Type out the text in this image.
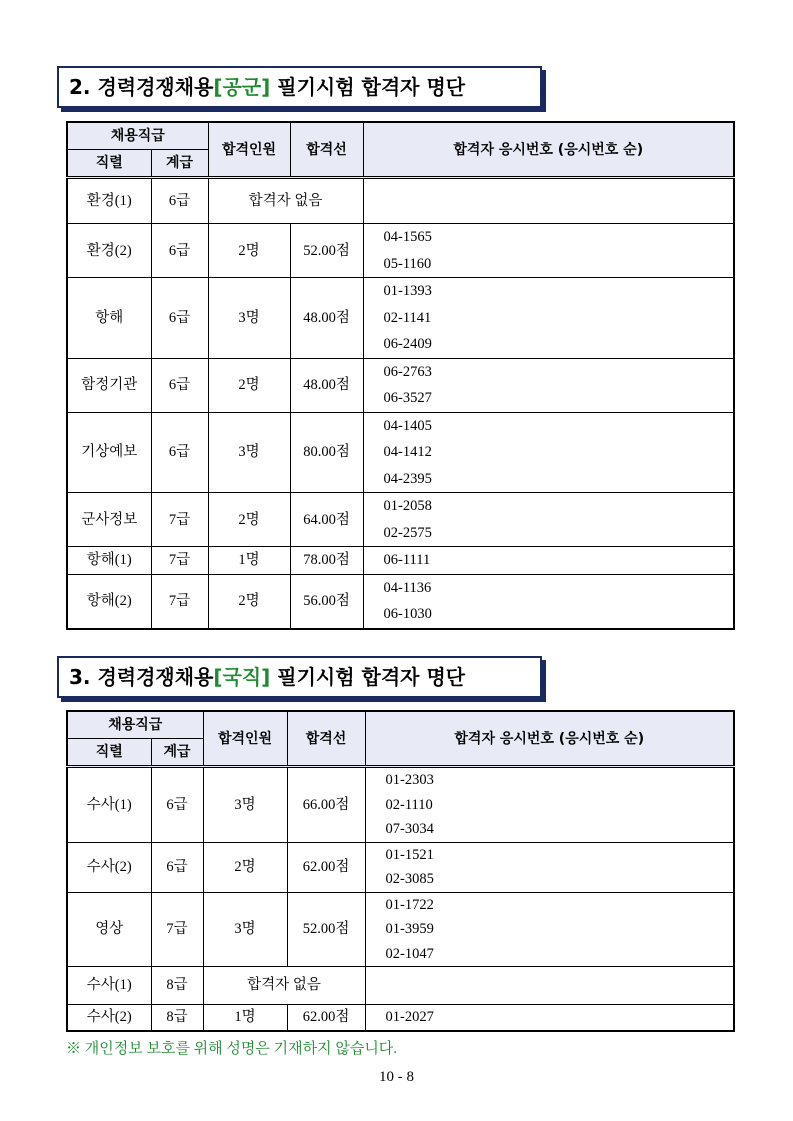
2. 경력경쟁채용[공군] 필기시험 합격자 명단
채용직급		합격인원	합격선	합격자 응시번호 (응시번호 순)
직렬	계급			
환경(1)	6급	합격자 없음		
환경(2)	6급	2명	52.00점	04-1565
05-1160

항해	6급	3명	48.00점	01-1393
02-1141
06-2409

함정기관	6급	2명	48.00점	06-2763
06-3527

기상예보	6급	3명	80.00점	04-1405
04-1412
04-2395

군사정보	7급	2명	64.00점	01-2058
02-2575

항해(1)	7급	1명	78.00점	06-1111

항해(2)	7급	2명	56.00점	04-1136
06-1030
3. 경력경쟁채용[국직] 필기시험 합격자 명단
채용직급		합격인원	합격선	합격자 응시번호 (응시번호 순)
직렬	계급			
수사(1)	6급	3명	66.00점	01-2303
02-1110
07-3034

수사(2)	6급	2명	62.00점	01-1521
02-3085

영상	7급	3명	52.00점	01-1722
01-3959
02-1047

수사(1)	8급	합격자 없음		
수사(2)	8급	1명	62.00점	01-2027
※ 개인정보 보호를 위해 성명은 기재하지 않습니다.
10 - 8
